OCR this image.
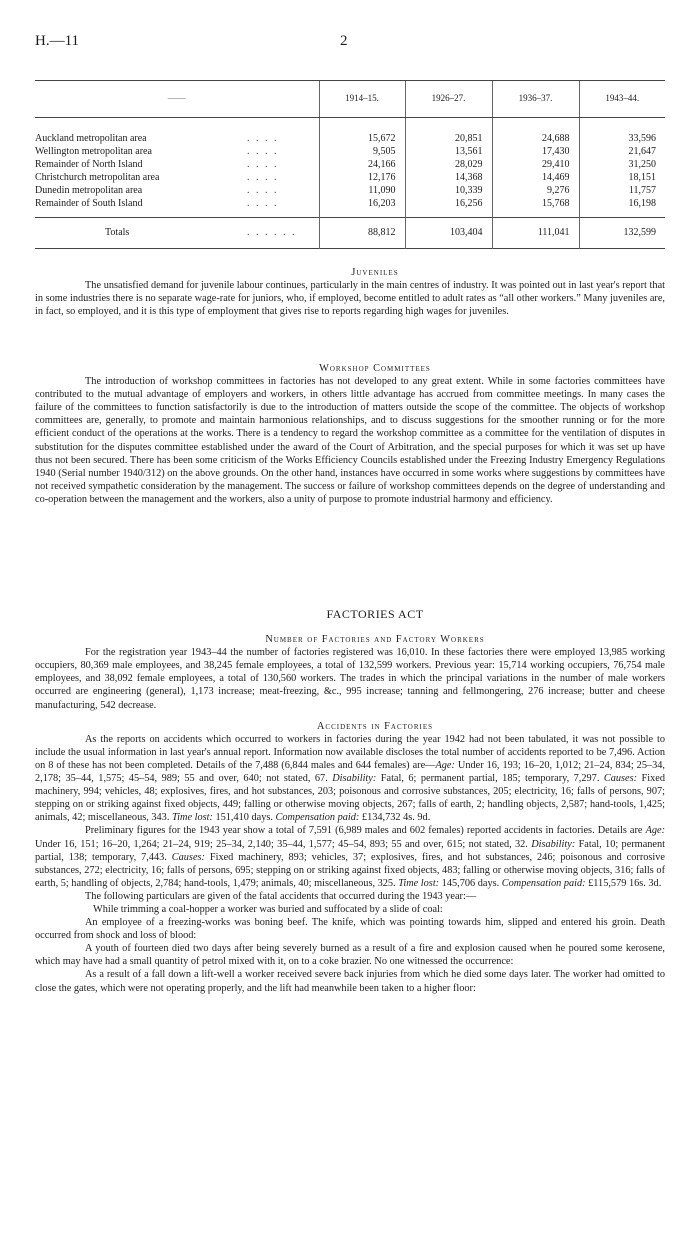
H.—11	2
——		1914–15.	1926–27.	1936–37.	1943–44.

Auckland metropolitan area	. . . .	15,672	20,851	24,688	33,596
Wellington metropolitan area	. . . .	9,505	13,561	17,430	21,647
Remainder of North Island	. . . .	24,166	28,029	29,410	31,250
Christchurch metropolitan area	. . . .	12,176	14,368	14,469	18,151
Dunedin metropolitan area	. . . .	11,090	10,339	9,276	11,757
Remainder of South Island	. . . .	16,203	16,256	15,768	16,198

Totals	. . . . . .	88,812	103,404	111,041	132,599

Juveniles

The unsatisfied demand for juvenile labour continues, particularly in the main centres of industry. It was pointed out in last year's report that in some industries there is no separate wage-rate for juniors, who, if employed, become entitled to adult rates as “all other workers.” Many juveniles are, in fact, so employed, and it is this type of employment that gives rise to reports regarding high wages for juveniles.

Workshop Committees

The introduction of workshop committees in factories has not developed to any great extent. While in some factories committees have contributed to the mutual advantage of employers and workers, in others little advantage has accrued from committee meetings. In many cases the failure of the committees to function satisfactorily is due to the introduction of matters outside the scope of the committee. The objects of workshop committees are, generally, to promote and maintain harmonious relationships, and to discuss suggestions for the smoother running or for the more efficient conduct of the operations at the works. There is a tendency to regard the workshop committee as a committee for the ventilation of disputes in substitution for the disputes committee established under the award of the Court of Arbitration, and the special purposes for which it was set up have thus not been secured. There has been some criticism of the Works Efficiency Councils established under the Freezing Industry Emergency Regulations 1940 (Serial number 1940/312) on the above grounds. On the other hand, instances have occurred in some works where suggestions by committees have not received sympathetic consideration by the management. The success or failure of workshop committees depends on the degree of understanding and co-operation between the management and the workers, also a unity of purpose to promote industrial harmony and efficiency.

FACTORIES ACT

Number of Factories and Factory Workers

For the registration year 1943–44 the number of factories registered was 16,010. In these factories there were employed 13,985 working occupiers, 80,369 male employees, and 38,245 female employees, a total of 132,599 workers. Previous year: 15,714 working occupiers, 76,754 male employees, and 38,092 female employees, a total of 130,560 workers. The trades in which the principal variations in the number of male workers occurred are engineering (general), 1,173 increase; meat-freezing, &c., 995 increase; tanning and fellmongering, 276 increase; butter and cheese manufacturing, 542 decrease.

Accidents in Factories

As the reports on accidents which occurred to workers in factories during the year 1942 had not been tabulated, it was not possible to include the usual information in last year's annual report. Information now available discloses the total number of accidents reported to be 7,496. Action on 8 of these has not been completed. Details of the 7,488 (6,844 males and 644 females) are—Age: Under 16, 193; 16–20, 1,012; 21–24, 834; 25–34, 2,178; 35–44, 1,575; 45–54, 989; 55 and over, 640; not stated, 67. Disability: Fatal, 6; permanent partial, 185; temporary, 7,297. Causes: Fixed machinery, 994; vehicles, 48; explosives, fires, and hot substances, 203; poisonous and corrosive substances, 205; electricity, 16; falls of persons, 907; stepping on or striking against fixed objects, 449; falling or otherwise moving objects, 267; falls of earth, 2; handling objects, 2,587; hand-tools, 1,425; animals, 42; miscellaneous, 343. Time lost: 151,410 days. Compensation paid: £134,732 4s. 9d.

Preliminary figures for the 1943 year show a total of 7,591 (6,989 males and 602 females) reported accidents in factories. Details are Age: Under 16, 151; 16–20, 1,264; 21–24, 919; 25–34, 2,140; 35–44, 1,577; 45–54, 893; 55 and over, 615; not stated, 32. Disability: Fatal, 10; permanent partial, 138; temporary, 7,443. Causes: Fixed machinery, 893; vehicles, 37; explosives, fires, and hot substances, 246; poisonous and corrosive substances, 272; electricity, 16; falls of persons, 695; stepping on or striking against fixed objects, 483; falling or otherwise moving objects, 316; falls of earth, 5; handling of objects, 2,784; hand-tools, 1,479; animals, 40; miscellaneous, 325. Time lost: 145,706 days. Compensation paid: £115,579 16s. 3d.

The following particulars are given of the fatal accidents that occurred during the 1943 year:—

While trimming a coal-hopper a worker was buried and suffocated by a slide of coal:

An employee of a freezing-works was boning beef. The knife, which was pointing towards him, slipped and entered his groin. Death occurred from shock and loss of blood:

A youth of fourteen died two days after being severely burned as a result of a fire and explosion caused when he poured some kerosene, which may have had a small quantity of petrol mixed with it, on to a coke brazier. No one witnessed the occurrence:

As a result of a fall down a lift-well a worker received severe back injuries from which he died some days later. The worker had omitted to close the gates, which were not operating properly, and the lift had meanwhile been taken to a higher floor:
